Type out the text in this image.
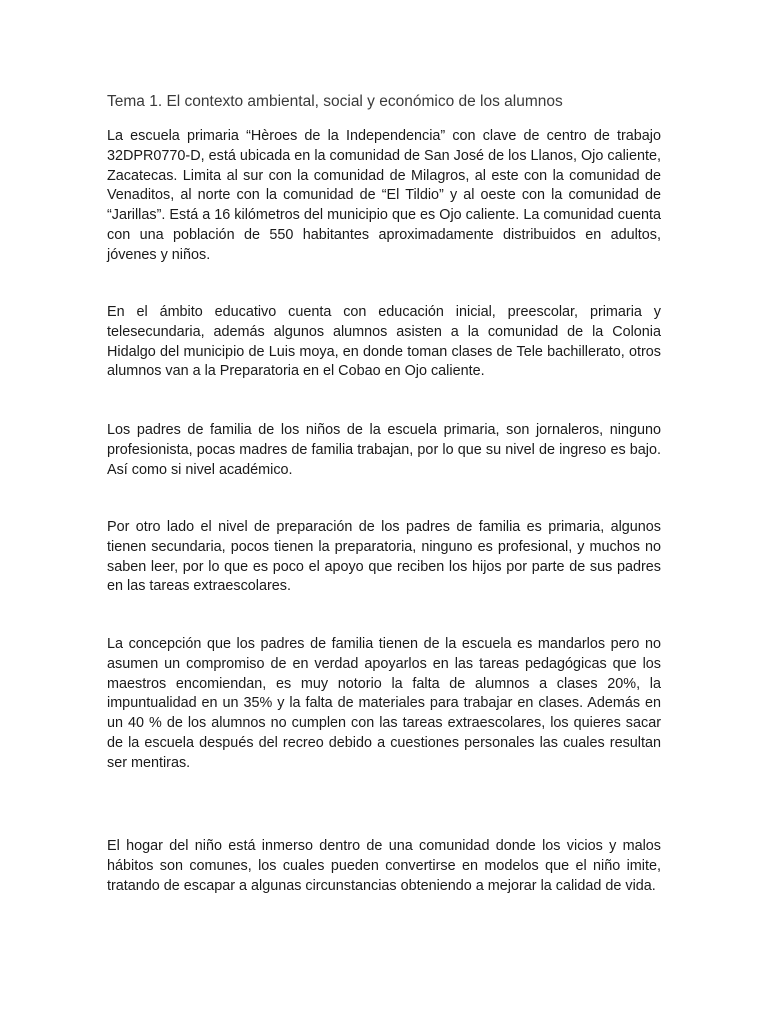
Tema 1. El contexto ambiental, social y económico de los alumnos

La escuela primaria “Hèroes de la Independencia” con clave de centro de trabajo 32DPR0770-D, está ubicada en la comunidad de San José de los Llanos, Ojo caliente, Zacatecas. Limita al sur con la comunidad de Milagros, al este con la comunidad de Venaditos, al norte con la comunidad de “El Tildio” y al oeste con la comunidad de “Jarillas”. Está a 16 kilómetros del municipio que es Ojo caliente. La comunidad cuenta con una población de 550 habitantes aproximadamente distribuidos en adultos, jóvenes y niños.

En el ámbito educativo cuenta con educación inicial, preescolar, primaria y telesecundaria, además algunos alumnos asisten a la comunidad de la Colonia Hidalgo del municipio de Luis moya, en donde toman clases de Tele bachillerato, otros alumnos van a la Preparatoria en el Cobao en Ojo caliente.

Los padres de familia de los niños de la escuela primaria, son jornaleros, ninguno profesionista, pocas madres de familia trabajan, por lo que su nivel de ingreso es bajo. Así como si nivel académico.

Por otro lado el nivel de preparación de los padres de familia es primaria, algunos tienen secundaria, pocos tienen la preparatoria, ninguno es profesional, y muchos no saben leer, por lo que es poco el apoyo que reciben los hijos por parte de sus padres en las tareas extraescolares.

La concepción que los padres de familia tienen de la escuela es mandarlos pero no asumen un compromiso de en verdad apoyarlos en las tareas pedagógicas que los maestros encomiendan, es muy notorio la falta de alumnos a clases 20%, la impuntualidad en un 35% y la falta de materiales para trabajar en clases. Además en un 40 % de los alumnos no cumplen con las tareas extraescolares, los quieres sacar de la escuela después del recreo debido a cuestiones personales las cuales resultan ser mentiras.

El hogar del niño está inmerso dentro de una comunidad donde los vicios y malos hábitos son comunes, los cuales pueden convertirse en modelos que el niño imite, tratando de escapar a algunas circunstancias obteniendo a mejorar la calidad de vida.
